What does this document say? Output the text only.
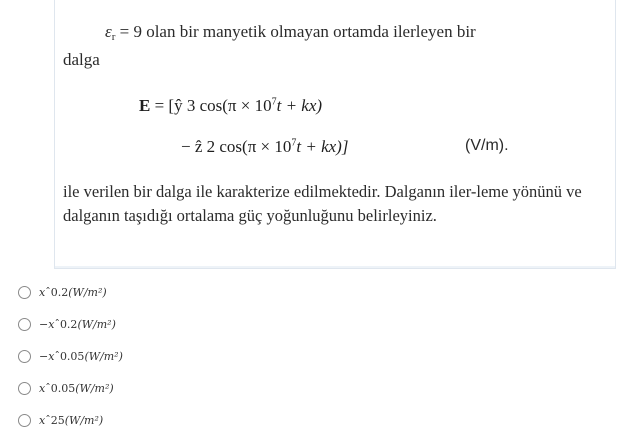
$\varepsilon_r = 9$ olan bir manyetik olmayan ortamda ilerleyen bir
dalga
E = [ŷ 3 $\cos(\pi \times 10^7t + kx)$
− ẑ 2 $\cos(\pi \times 10^7t + kx)$]	(V/m).
ile verilen bir dalga ile karakterize edilmektedir. Dalganın iler-leme yönünü ve dalganın taşıdığı ortalama güç yoğunluğunu belirleyiniz.
xˆ0.2(W/m²)
−xˆ0.2(W/m²)
−xˆ0.05(W/m²)
xˆ0.05(W/m²)
xˆ25(W/m²)
